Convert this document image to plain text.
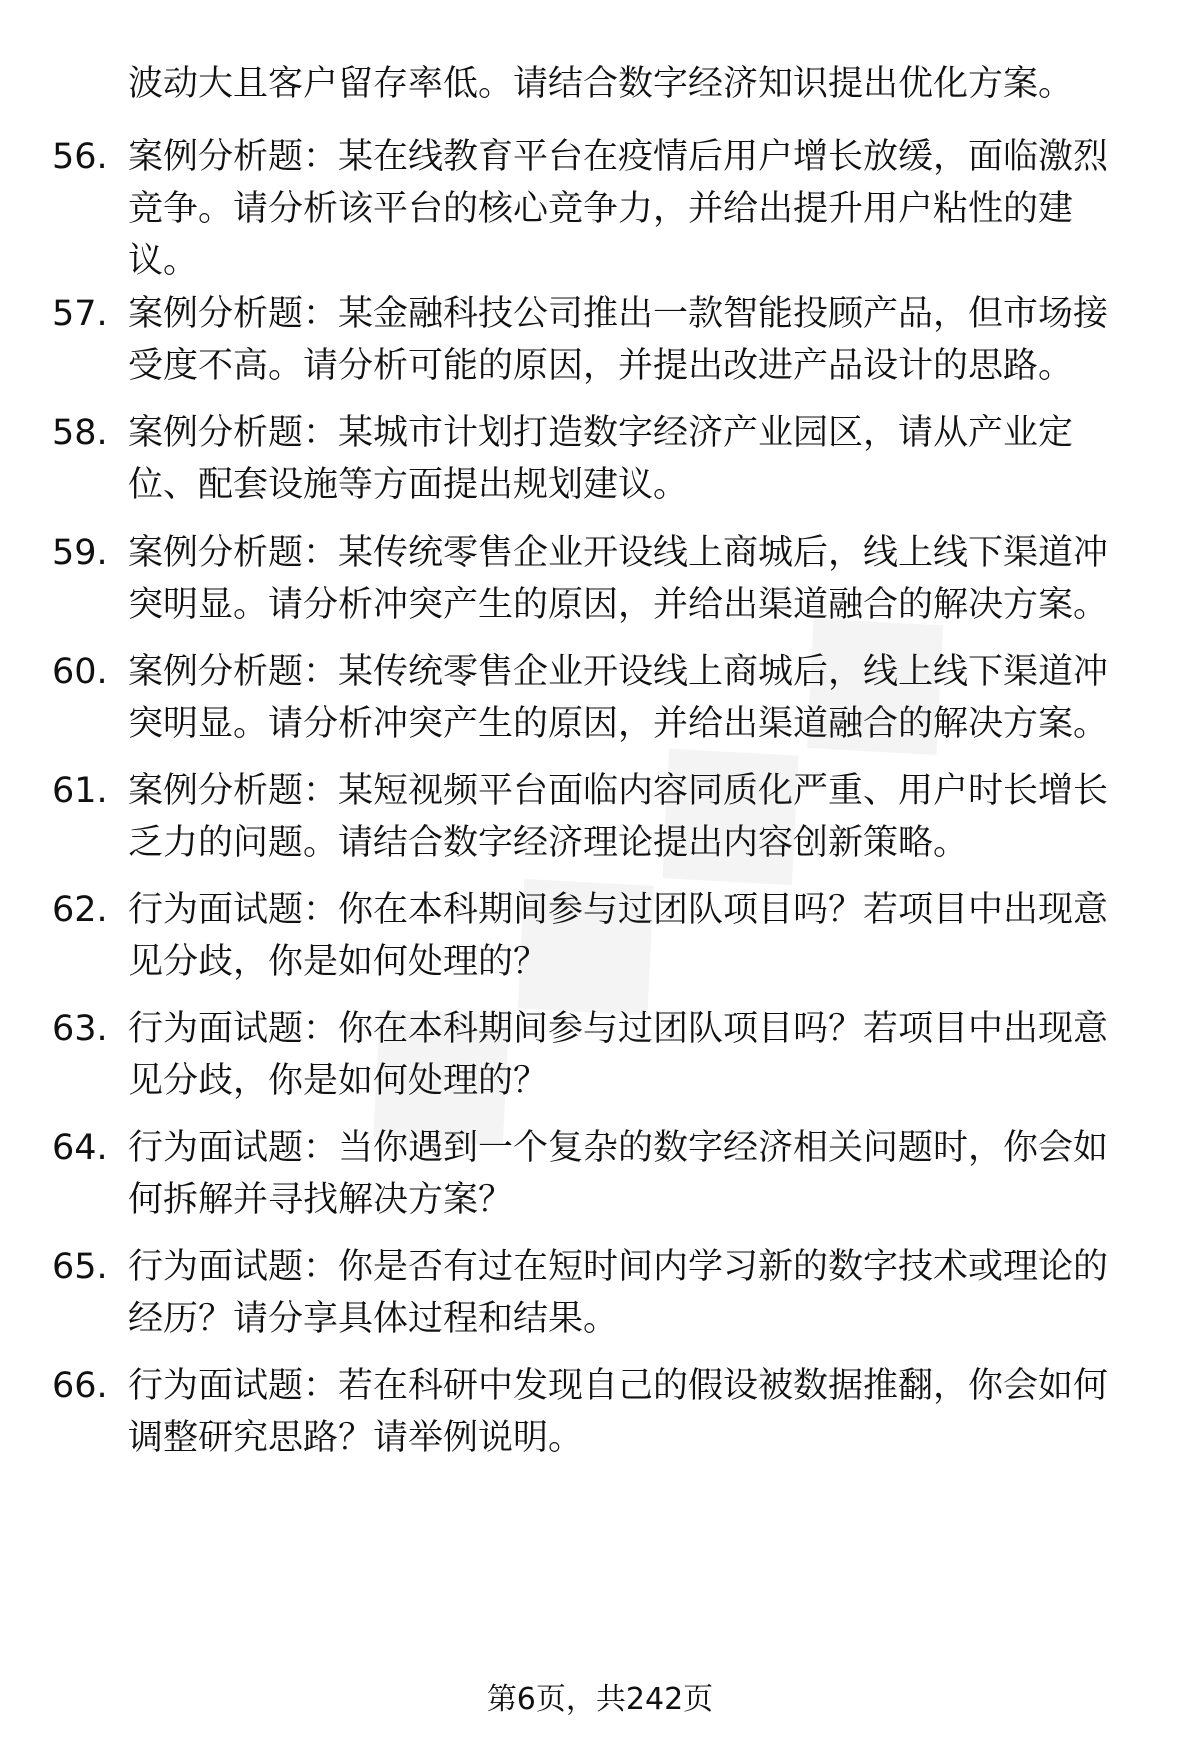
波动大且客户留存率低。请结合数字经济知识提出优化方案。
56. 案例分析题：某在线教育平台在疫情后用户增长放缓，面临激烈竞争。请分析该平台的核心竞争力，并给出提升用户粘性的建议。
57. 案例分析题：某金融科技公司推出一款智能投顾产品，但市场接受度不高。请分析可能的原因，并提出改进产品设计的思路。
58. 案例分析题：某城市计划打造数字经济产业园区，请从产业定位、配套设施等方面提出规划建议。
59. 案例分析题：某传统零售企业开设线上商城后，线上线下渠道冲突明显。请分析冲突产生的原因，并给出渠道融合的解决方案。
60. 案例分析题：某传统零售企业开设线上商城后，线上线下渠道冲突明显。请分析冲突产生的原因，并给出渠道融合的解决方案。
61. 案例分析题：某短视频平台面临内容同质化严重、用户时长增长乏力的问题。请结合数字经济理论提出内容创新策略。
62. 行为面试题：你在本科期间参与过团队项目吗？若项目中出现意见分歧，你是如何处理的？
63. 行为面试题：你在本科期间参与过团队项目吗？若项目中出现意见分歧，你是如何处理的？
64. 行为面试题：当你遇到一个复杂的数字经济相关问题时，你会如何拆解并寻找解决方案？
65. 行为面试题：你是否有过在短时间内学习新的数字技术或理论的经历？请分享具体过程和结果。
66. 行为面试题：若在科研中发现自己的假设被数据推翻，你会如何调整研究思路？请举例说明。
第6页，共242页
